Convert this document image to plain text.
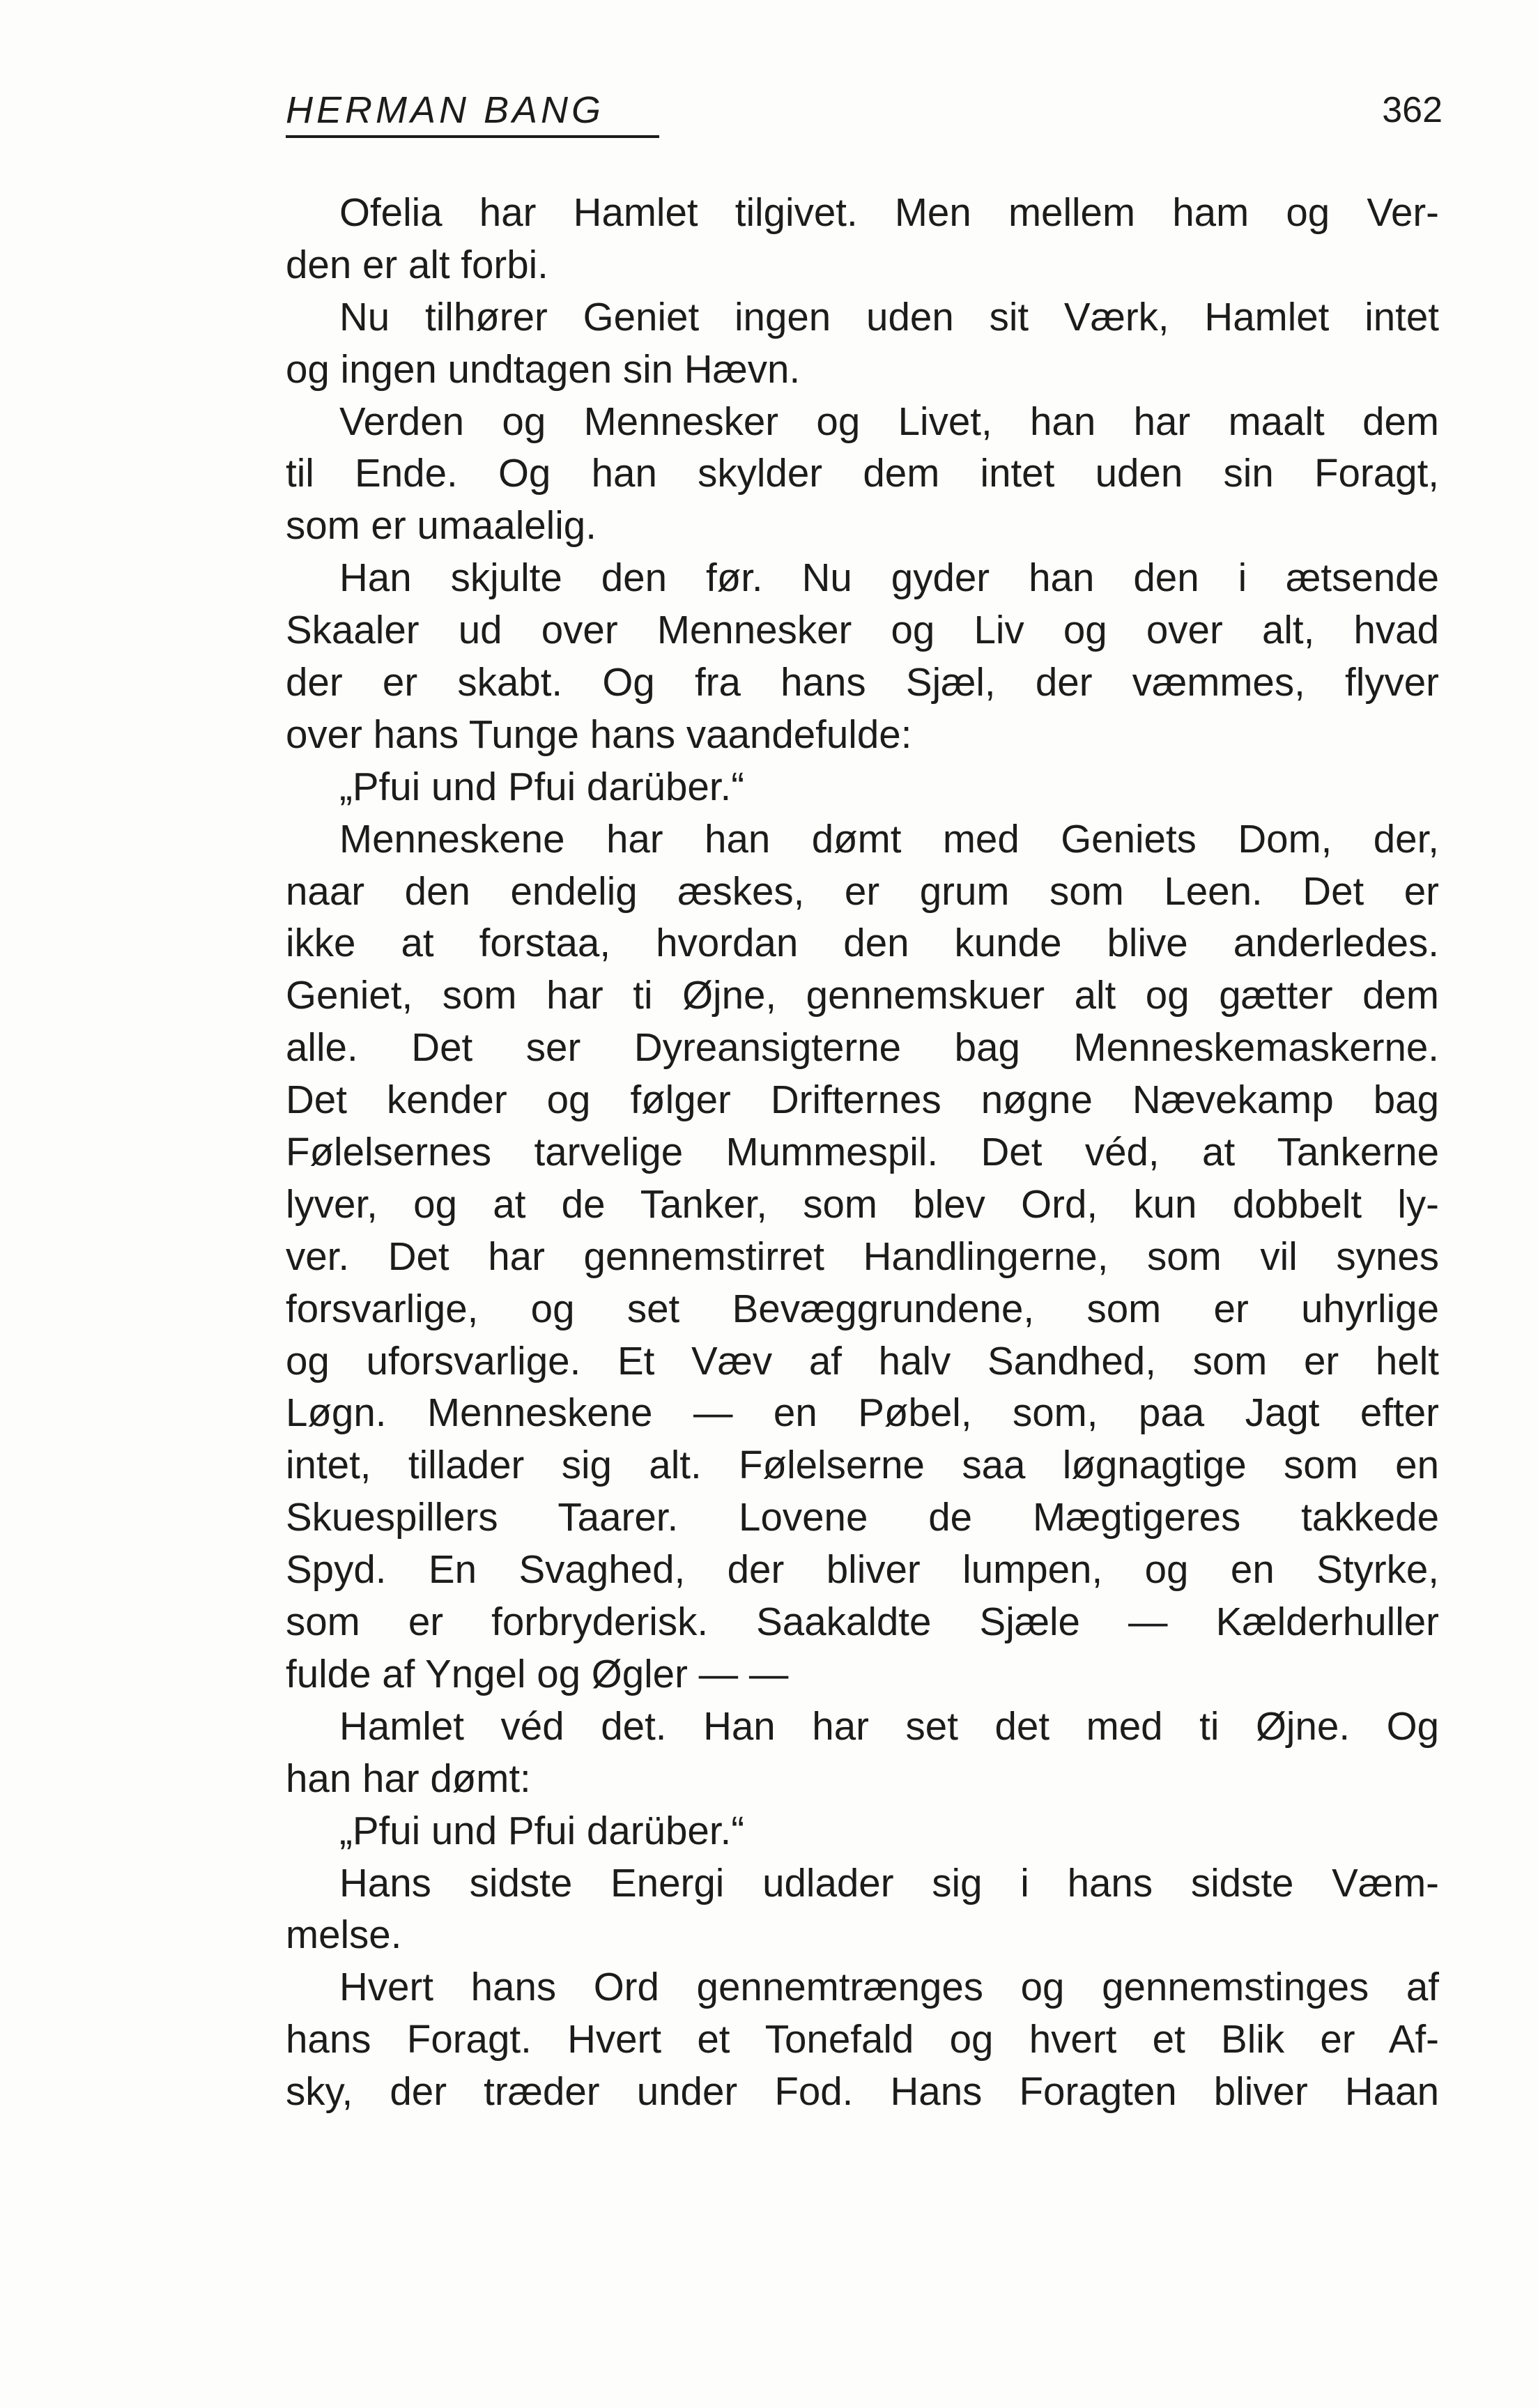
HERMAN BANG	362
Ofelia har Hamlet tilgivet. Men mellem ham og Ver-
den er alt forbi.
Nu tilhører Geniet ingen uden sit Værk, Hamlet intet
og ingen undtagen sin Hævn.
Verden og Mennesker og Livet, han har maalt dem
til Ende. Og han skylder dem intet uden sin Foragt,
som er umaalelig.
Han skjulte den før. Nu gyder han den i ætsende
Skaaler ud over Mennesker og Liv og over alt, hvad
der er skabt. Og fra hans Sjæl, der væmmes, flyver
over hans Tunge hans vaandefulde:
„Pfui und Pfui darüber.“
Menneskene har han dømt med Geniets Dom, der,
naar den endelig æskes, er grum som Leen. Det er
ikke at forstaa, hvordan den kunde blive anderledes.
Geniet, som har ti Øjne, gennemskuer alt og gætter dem
alle. Det ser Dyreansigterne bag Menneskemaskerne.
Det kender og følger Drifternes nøgne Nævekamp bag
Følelsernes tarvelige Mummespil. Det véd, at Tankerne
lyver, og at de Tanker, som blev Ord, kun dobbelt ly-
ver. Det har gennemstirret Handlingerne, som vil synes
forsvarlige, og set Bevæggrundene, som er uhyrlige
og uforsvarlige. Et Væv af halv Sandhed, som er helt
Løgn. Menneskene — en Pøbel, som, paa Jagt efter
intet, tillader sig alt. Følelserne saa løgnagtige som en
Skuespillers Taarer. Lovene de Mægtigeres takkede
Spyd. En Svaghed, der bliver lumpen, og en Styrke,
som er forbryderisk. Saakaldte Sjæle — Kælderhuller
fulde af Yngel og Øgler — —
Hamlet véd det. Han har set det med ti Øjne. Og
han har dømt:
„Pfui und Pfui darüber.“
Hans sidste Energi udlader sig i hans sidste Væm-
melse.
Hvert hans Ord gennemtrænges og gennemstinges af
hans Foragt. Hvert et Tonefald og hvert et Blik er Af-
sky, der træder under Fod. Hans Foragten bliver Haan
